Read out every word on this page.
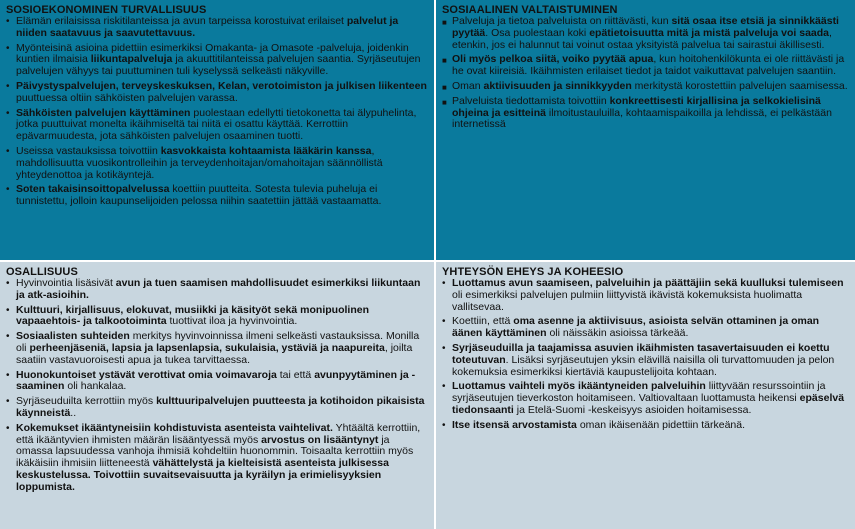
SOSIOEKONOMINEN TURVALLISUUS
• Elämän erilaisissa riskitilanteissa ja avun tarpeissa korostuivat erilaiset palvelut ja niiden saatavuus ja saavutettavuus.
• Myönteisinä asioina pidettiin esimerkiksi Omakanta- ja Omasote -palveluja, joidenkin kuntien ilmaisia liikuntapalveluja ja akuuttitilanteissa palvelujen saantia. Syrjäseutujen palvelujen vähyys tai puuttuminen tuli kyselyssä selkeästi näkyville.
• Päivystyspalvelujen, terveyskeskuksen, Kelan, verotoimiston ja julkisen liikenteen puuttuessa oltiin sähköisten palvelujen varassa.
• Sähköisten palvelujen käyttäminen puolestaan edellytti tietokonetta tai älypuhelinta, jotka puuttuivat monelta ikäihmiseltä tai niitä ei osattu käyttää. Kerrottiin epävarmuudesta, jota sähköisten palvelujen osaaminen tuotti.
• Useissa vastauksissa toivottiin kasvokkaista kohtaamista lääkärin kanssa, mahdollisuutta vuosikontrolleihin ja terveydenhoitajan/omahoitajan säännöllistä yhteydenottoa ja kotikäyntejä.
• Soten takaisinsoittopalvelussa koettiin puutteita. Sotesta tulevia puheluja ei tunnistettu, jolloin kaupunselijoiden pelossa niihin saatettiin jättää vastaamatta.
SOSIAALINEN VALTAISTUMINEN
■ Palveluja ja tietoa palveluista on riittävästi, kun sitä osaa itse etsiä ja sinnikkäästi pyytää. Osa puolestaan koki epätietoisuutta mitä ja mistä palveluja voi saada, etenkin, jos ei halunnut tai voinut ostaa yksityistä palvelua tai sairastui äkillisesti.
■ Oli myös pelkoa siitä, voiko pyytää apua, kun hoitohenkilökunta ei ole riittävästi ja he ovat kiireisiä. Ikäihmisten erilaiset tiedot ja taidot vaikuttavat palvelujen saantiin.
■ Oman aktiivisuuden ja sinnikkyyden merkitystä korostettiin palvelujen saamisessa.
■ Palveluista tiedottamista toivottiin konkreettisesti kirjallisina ja selkokielisinä ohjeina ja esitteinä ilmoitustauluilla, kohtaamispaikoilla ja lehdissä, ei pelkästään internetissä
OSALLISUUS
• Hyvinvointia lisäsivät avun ja tuen saamisen mahdollisuudet esimerkiksi liikuntaan ja atk-asioihin.
• Kulttuuri, kirjallisuus, elokuvat, musiikki ja käsityöt sekä monipuolinen vapaaehtois- ja talkootoiminta tuottivat iloa ja hyvinvointia.
• Sosiaalisten suhteiden merkitys hyvinvoinnissa ilmeni selkeästi vastauksissa. Monilla oli perheenjäseniä, lapsia ja lapsenlapsia, sukulaisia, ystäviä ja naapureita, joilta saatiin vastavuoroisesti apua ja tukea tarvittaessa.
• Huonokuntoiset ystävät verottivat omia voimavaroja tai että avunpyytäminen ja -saaminen oli hankalaa.
• Syrjäseuduilta kerrottiin myös kulttuuripalvelujen puutteesta ja kotihoidon pikaisista käynneistä..
• Kokemukset ikääntyneisiin kohdistuvista asenteista vaihtelivat. Yhtäältä kerrottiin, että ikääntyvien ihmisten määrän lisääntyessä myös arvostus on lisääntynyt ja omassa lapsuudessa vanhoja ihmisiä kohdeltiin huonommin. Toisaalta kerrottiin myös ikäkäisiin ihmisiin liitteneestä vähättelystä ja kielteisistä asenteista julkisessa keskustelussa. Toivottiin suvaitsevaisuutta ja kyräilyn ja erimielisyyksien loppumista.
YHTEYSÖN EHEYS JA KOHEESIO
• Luottamus avun saamiseen, palveluihin ja päättäjiin sekä kuulluksi tulemiseen oli esimerkiksi palvelujen pulmiin liittyvistä ikävistä kokemuksista huolimatta vallitsevaa.
• Koettiin, että oma asenne ja aktiivisuus, asioista selvän ottaminen ja oman äänen käyttäminen oli näissäkin asioissa tärkeää.
• Syrjäseuduilla ja taajamissa asuvien ikäihmisten tasavertaisuuden ei koettu toteutuvan. Lisäksi syrjäseutujen yksin elävillä naisilla oli turvattomuuden ja pelon kokemuksia esimerkiksi kiertäviä kaupustelijoita kohtaan.
• Luottamus vaihteli myös ikääntyneiden palveluihin liittyvään resurssointiin ja syrjäseutujen tieverkoston hoitamiseen. Valtiovaltaan luottamusta heikensi epäselvä tiedonsaanti ja Etelä-Suomi -keskeisyys asioiden hoitamisessa.
• Itse itsensä arvostamista oman ikäisenään pidettiin tärkeänä.
